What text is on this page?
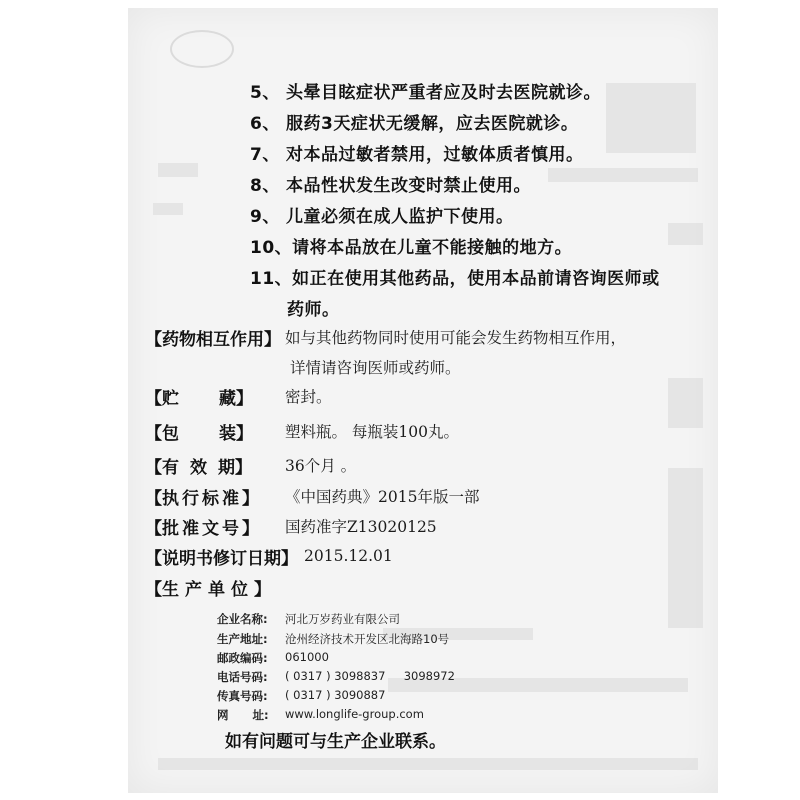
5、 头晕目眩症状严重者应及时去医院就诊。
6、 服药3天症状无缓解，应去医院就诊。
7、 对本品过敏者禁用，过敏体质者慎用。
8、 本品性状发生改变时禁止使用。
9、 儿童必须在成人监护下使用。
10、请将本品放在儿童不能接触的地方。
11、如正在使用其他药品，使用本品前请咨询医师或
药师。
【 药物相互作用 】 如与其他药物同时使用可能会发生药物相互作用，
详情请咨询医师或药师。
【 贮 藏】	密封。
【 包 装】	塑料瓶。 每瓶装100丸。
【 有效 期】	36个月 。
【 执行标准 】	《中国药典》2015年版一部
【 批准文号 】	国药准字Z13020125
【 说明书修订日期 】 2015.12.01
【 生产单位 】
企业名称: 河北万岁药业有限公司
生产地址: 沧州经济技术开发区北海路10号
邮政编码: 061000
电话号码: ( 0317 ) 3098837     3098972
传真号码: ( 0317 ) 3090887
网      址: www.longlife-group.com
如有问题可与生产企业联系。
